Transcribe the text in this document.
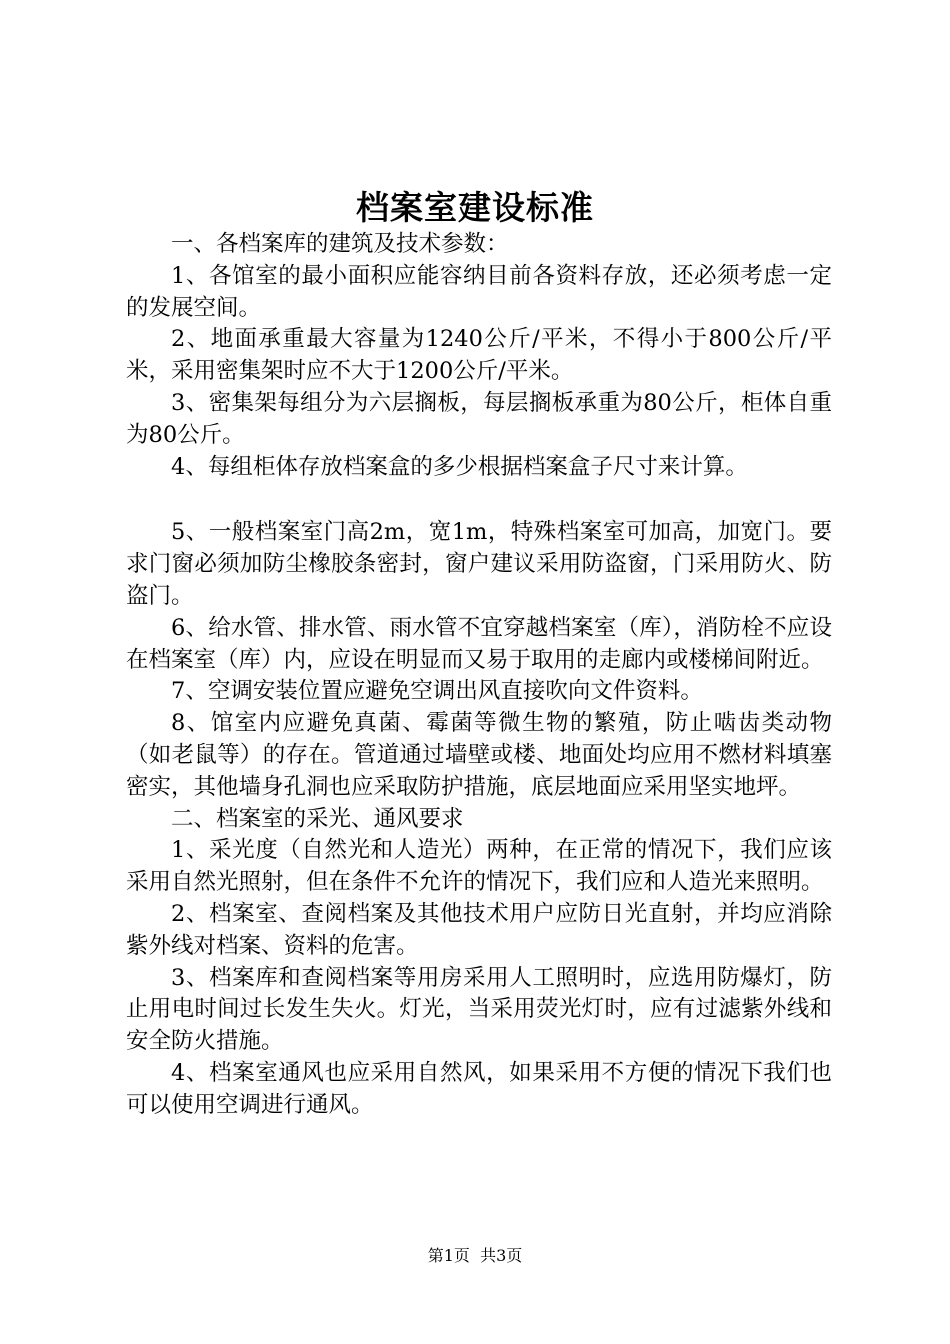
档案室建设标准

一、各档案库的建筑及技术参数：

1、各馆室的最小面积应能容纳目前各资料存放，还必须考虑一定的发展空间。

2、地面承重最大容量为1240公斤/平米，不得小于800公斤/平米，采用密集架时应不大于1200公斤/平米。

3、密集架每组分为六层搁板，每层搁板承重为80公斤，柜体自重为80公斤。

4、每组柜体存放档案盒的多少根据档案盒子尺寸来计算。

5、一般档案室门高2m，宽1m，特殊档案室可加高，加宽门。要求门窗必须加防尘橡胶条密封，窗户建议采用防盗窗，门采用防火、防盗门。

6、给水管、排水管、雨水管不宜穿越档案室（库），消防栓不应设在档案室（库）内，应设在明显而又易于取用的走廊内或楼梯间附近。

7、空调安装位置应避免空调出风直接吹向文件资料。

8、馆室内应避免真菌、霉菌等微生物的繁殖，防止啮齿类动物（如老鼠等）的存在。管道通过墙壁或楼、地面处均应用不燃材料填塞密实，其他墙身孔洞也应采取防护措施，底层地面应采用坚实地坪。

二、档案室的采光、通风要求

1、采光度（自然光和人造光）两种，在正常的情况下，我们应该采用自然光照射，但在条件不允许的情况下，我们应和人造光来照明。

2、档案室、查阅档案及其他技术用户应防日光直射，并均应消除紫外线对档案、资料的危害。

3、档案库和查阅档案等用房采用人工照明时，应选用防爆灯，防止用电时间过长发生失火。灯光，当采用荧光灯时，应有过滤紫外线和安全防火措施。

4、档案室通风也应采用自然风，如果采用不方便的情况下我们也可以使用空调进行通风。

第1页 共3页
